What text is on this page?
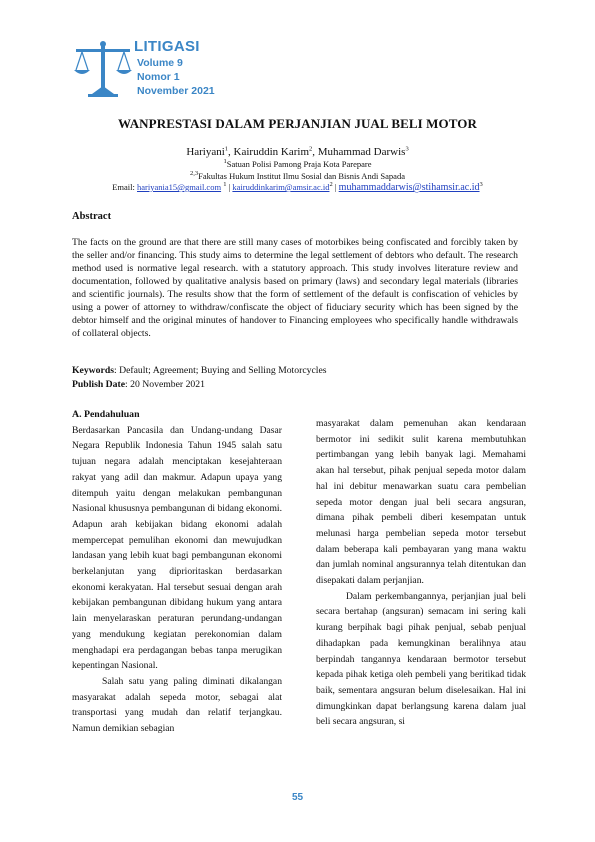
LITIGASI
Volume 9
Nomor 1
November 2021
WANPRESTASI DALAM PERJANJIAN JUAL BELI MOTOR
Hariyani$^1$, Kairuddin Karim$^2$, Muhammad Darwis$^3$
$^1$Satuan Polisi Pamong Praja Kota Parepare
$^{2,3}$Fakultas Hukum Institut Ilmu Sosial dan Bisnis Andi Sapada
Email: hariyania15@gmail.com $^1$ | $kairuddinkarim@amsir.ac.id^2$ | $muhammaddarwis@stihamsir.ac.id^3$
Abstract
The facts on the ground are that there are still many cases of motorbikes being confiscated and forcibly taken by the seller and/or financing. This study aims to determine the legal settlement of debtors who default. The research method used is normative legal research. with a statutory approach. This study involves literature review and documentation, followed by qualitative analysis based on primary (laws) and secondary legal materials (libraries and scientific journals). The results show that the form of settlement of the default is confiscation of vehicles by using a power of attorney to withdraw/confiscate the object of fiduciary security which has been signed by the debtor himself and the original minutes of handover to Financing employees who specifically handle withdrawals of collateral objects.
Keywords: Default; Agreement; Buying and Selling Motorcycles
Publish Date: 20 November 2021
A. Pendahuluan

Berdasarkan Pancasila dan Undang-undang Dasar Negara Republik Indonesia Tahun 1945 salah satu tujuan negara adalah menciptakan kesejahteraan rakyat yang adil dan makmur. Adapun upaya yang ditempuh yaitu dengan melakukan pembangunan Nasional khususnya pembangunan di bidang ekonomi. Adapun arah kebijakan bidang ekonomi adalah mempercepat pemulihan ekonomi dan mewujudkan landasan yang lebih kuat bagi pembangunan ekonomi berkelanjutan yang diprioritaskan berdasarkan ekonomi kerakyatan. Hal tersebut sesuai dengan arah kebijakan pembangunan dibidang hukum yang antara lain menyelaraskan peraturan perundang-undangan yang mendukung kegiatan perekonomian dalam menghadapi era perdagangan bebas tanpa merugikan kepentingan Nasional.

Salah satu yang paling diminati dikalangan masyarakat adalah sepeda motor, sebagai alat transportasi yang mudah dan relatif terjangkau. Namun demikian sebagian

masyarakat dalam pemenuhan akan kendaraan bermotor ini sedikit sulit karena membutuhkan pertimbangan yang lebih banyak lagi. Memahami akan hal tersebut, pihak penjual sepeda motor dalam hal ini debitur menawarkan suatu cara pembelian sepeda motor dengan jual beli secara angsuran, dimana pihak pembeli diberi kesempatan untuk melunasi harga pembelian sepeda motor tersebut dalam beberapa kali pembayaran yang mana waktu dan jumlah nominal angsurannya telah ditentukan dan disepakati dalam perjanjian.

Dalam perkembangannya, perjanjian jual beli secara bertahap (angsuran) semacam ini sering kali kurang berpihak bagi pihak penjual, sebab penjual dihadapkan pada kemungkinan beralihnya atau berpindah tangannya kendaraan bermotor tersebut kepada pihak ketiga oleh pembeli yang beritikad tidak baik, sementara angsuran belum diselesaikan. Hal ini dimungkinkan dapat berlangsung karena dalam jual beli secara angsuran, si

55
